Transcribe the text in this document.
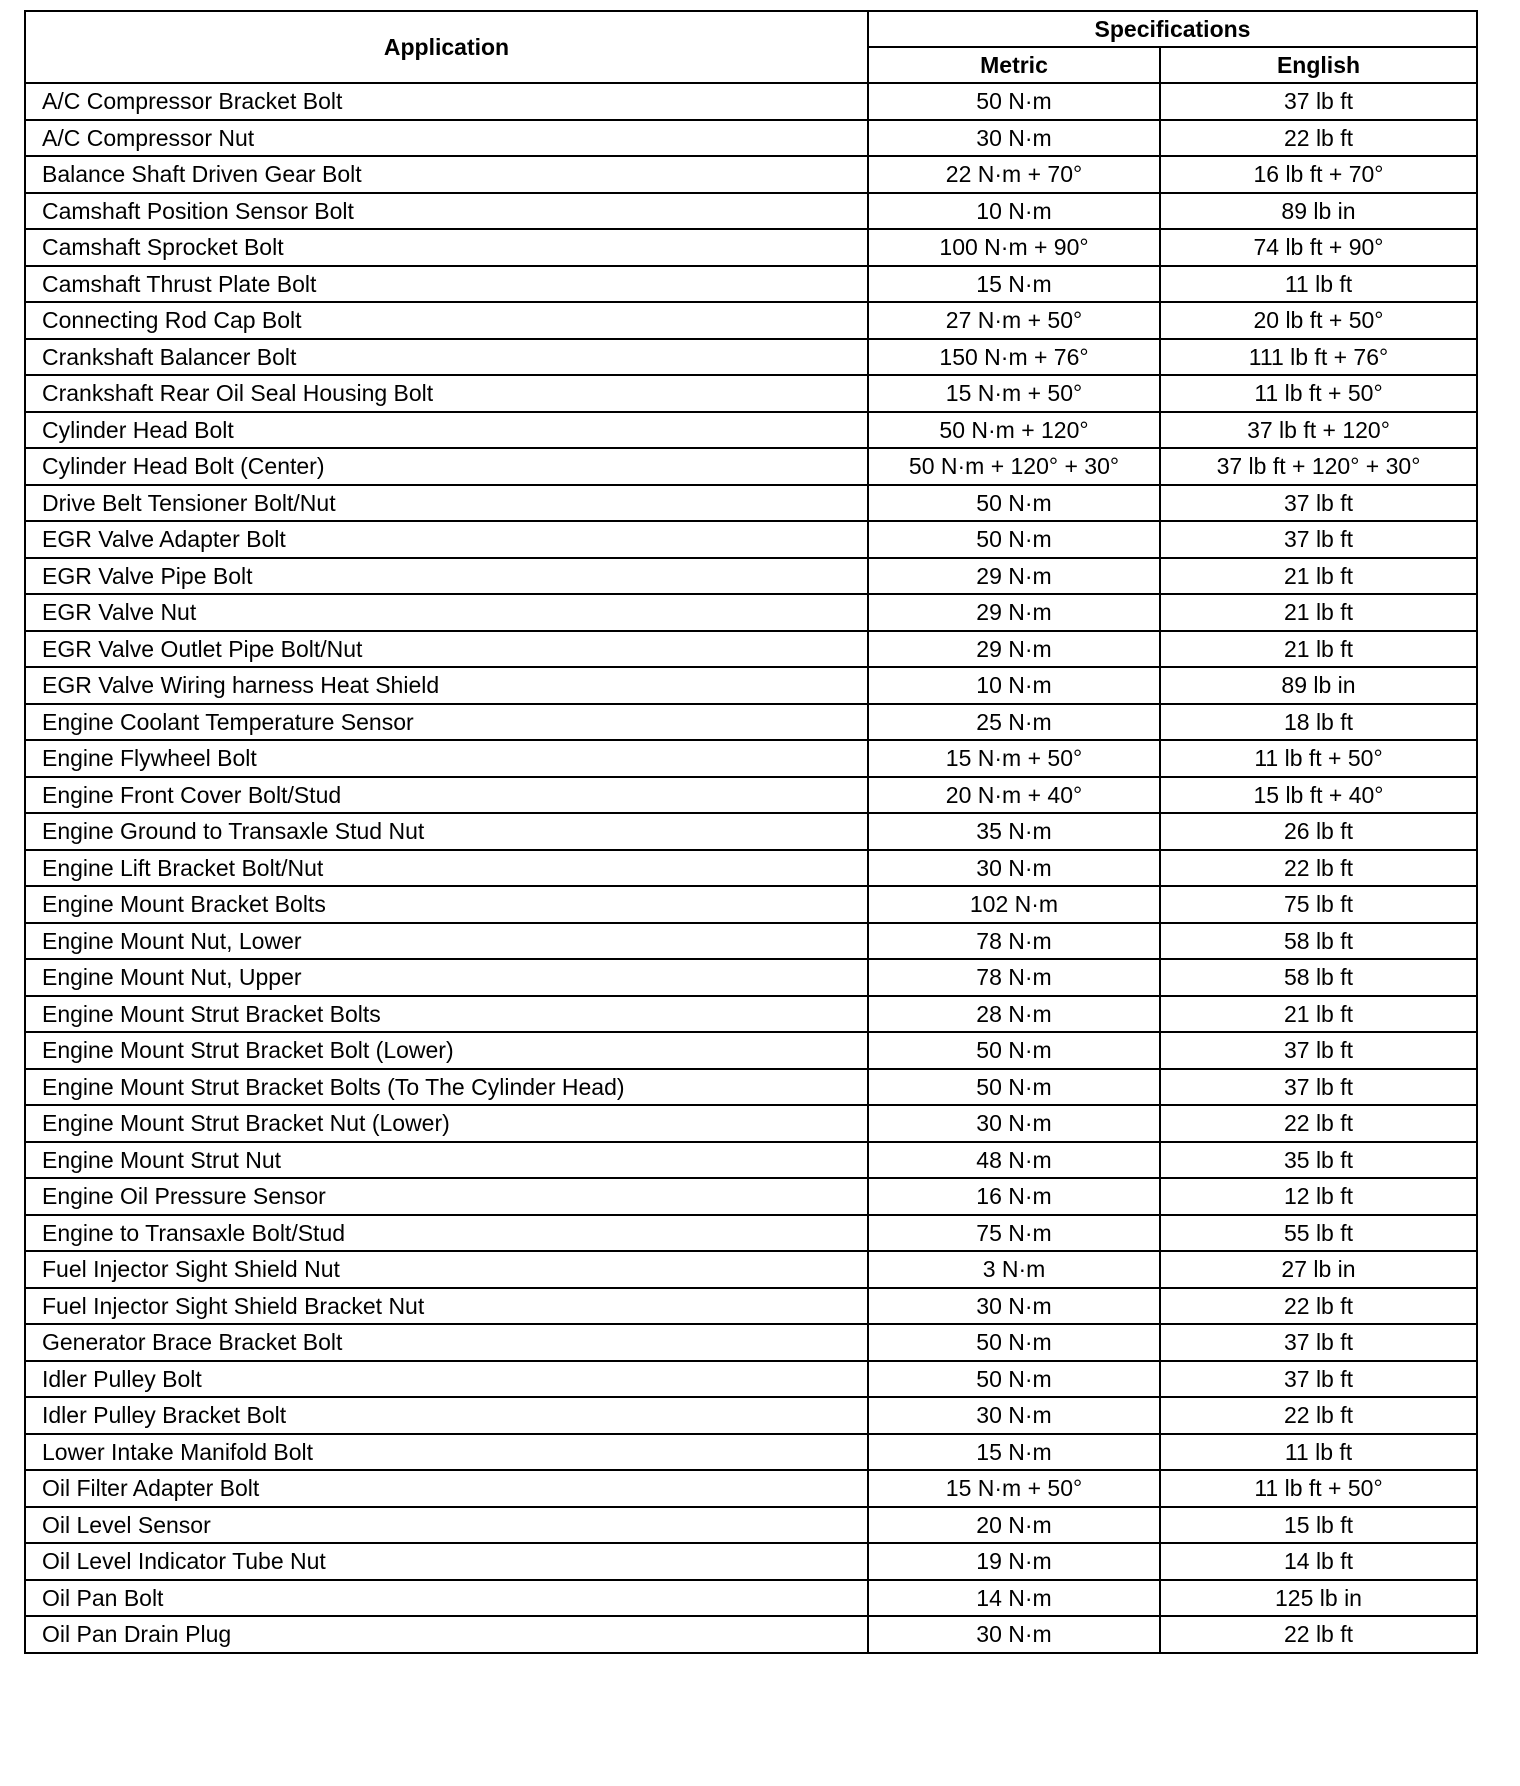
Application	Specifications	
	Metric	English
A/C Compressor Bracket Bolt	50 N·m	37 lb ft
A/C Compressor Nut	30 N·m	22 lb ft
Balance Shaft Driven Gear Bolt	22 N·m + 70°	16 lb ft + 70°
Camshaft Position Sensor Bolt	10 N·m	89 lb in
Camshaft Sprocket Bolt	100 N·m + 90°	74 lb ft + 90°
Camshaft Thrust Plate Bolt	15 N·m	11 lb ft
Connecting Rod Cap Bolt	27 N·m + 50°	20 lb ft + 50°
Crankshaft Balancer Bolt	150 N·m + 76°	111 lb ft + 76°
Crankshaft Rear Oil Seal Housing Bolt	15 N·m + 50°	11 lb ft + 50°
Cylinder Head Bolt	50 N·m + 120°	37 lb ft + 120°
Cylinder Head Bolt (Center)	50 N·m + 120° + 30°	37 lb ft + 120° + 30°
Drive Belt Tensioner Bolt/Nut	50 N·m	37 lb ft
EGR Valve Adapter Bolt	50 N·m	37 lb ft
EGR Valve Pipe Bolt	29 N·m	21 lb ft
EGR Valve Nut	29 N·m	21 lb ft
EGR Valve Outlet Pipe Bolt/Nut	29 N·m	21 lb ft
EGR Valve Wiring harness Heat Shield	10 N·m	89 lb in
Engine Coolant Temperature Sensor	25 N·m	18 lb ft
Engine Flywheel Bolt	15 N·m + 50°	11 lb ft + 50°
Engine Front Cover Bolt/Stud	20 N·m + 40°	15 lb ft + 40°
Engine Ground to Transaxle Stud Nut	35 N·m	26 lb ft
Engine Lift Bracket Bolt/Nut	30 N·m	22 lb ft
Engine Mount Bracket Bolts	102 N·m	75 lb ft
Engine Mount Nut, Lower	78 N·m	58 lb ft
Engine Mount Nut, Upper	78 N·m	58 lb ft
Engine Mount Strut Bracket Bolts	28 N·m	21 lb ft
Engine Mount Strut Bracket Bolt (Lower)	50 N·m	37 lb ft
Engine Mount Strut Bracket Bolts (To The Cylinder Head)	50 N·m	37 lb ft
Engine Mount Strut Bracket Nut (Lower)	30 N·m	22 lb ft
Engine Mount Strut Nut	48 N·m	35 lb ft
Engine Oil Pressure Sensor	16 N·m	12 lb ft
Engine to Transaxle Bolt/Stud	75 N·m	55 lb ft
Fuel Injector Sight Shield Nut	3 N·m	27 lb in
Fuel Injector Sight Shield Bracket Nut	30 N·m	22 lb ft
Generator Brace Bracket Bolt	50 N·m	37 lb ft
Idler Pulley Bolt	50 N·m	37 lb ft
Idler Pulley Bracket Bolt	30 N·m	22 lb ft
Lower Intake Manifold Bolt	15 N·m	11 lb ft
Oil Filter Adapter Bolt	15 N·m + 50°	11 lb ft + 50°
Oil Level Sensor	20 N·m	15 lb ft
Oil Level Indicator Tube Nut	19 N·m	14 lb ft
Oil Pan Bolt	14 N·m	125 lb in
Oil Pan Drain Plug	30 N·m	22 lb ft
